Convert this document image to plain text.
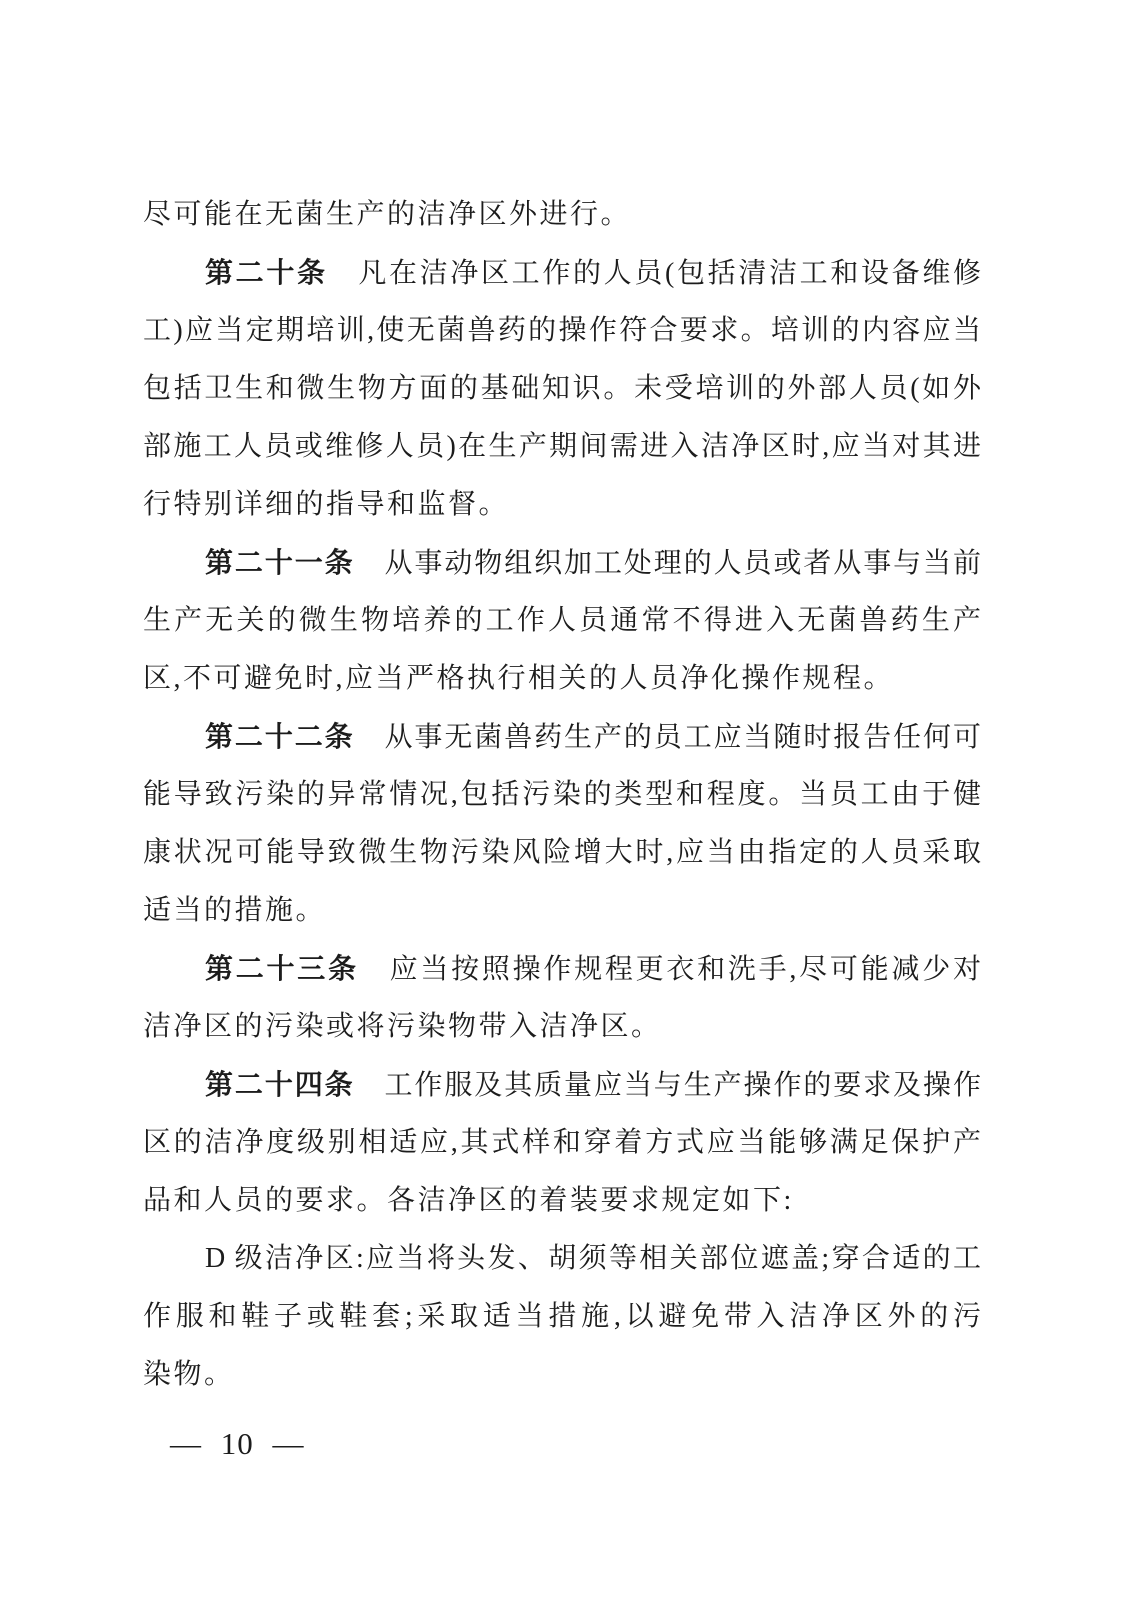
尽可能在无菌生产的洁净区外进行。
第二十条　 凡在洁净区工作的人员(包括清洁工和设备维修
工)应当定期培训,使无菌兽药的操作符合要求。培训的内容应当
包括卫生和微生物方面的基础知识。未受培训的外部人员(如外
部施工人员或维修人员)在生产期间需进入洁净区时,应当对其进
行特别详细的指导和监督。
第二十一条　 从事动物组织加工处理的人员或者从事与当前
生产无关的微生物培养的工作人员通常不得进入无菌兽药生产
区,不可避免时,应当严格执行相关的人员净化操作规程。
第二十二条　 从事无菌兽药生产的员工应当随时报告任何可
能导致污染的异常情况,包括污染的类型和程度。当员工由于健
康状况可能导致微生物污染风险增大时,应当由指定的人员采取
适当的措施。
第二十三条　 应当按照操作规程更衣和洗手,尽可能减少对
洁净区的污染或将污染物带入洁净区。
第二十四条　 工作服及其质量应当与生产操作的要求及操作
区的洁净度级别相适应,其式样和穿着方式应当能够满足保护产
品和人员的要求。各洁净区的着装要求规定如下:
D 级洁净区:应当将头发、胡须等相关部位遮盖;穿合适的工
作服和鞋子或鞋套;采取适当措施,以避免带入洁净区外的污
染物。
— 10 —
